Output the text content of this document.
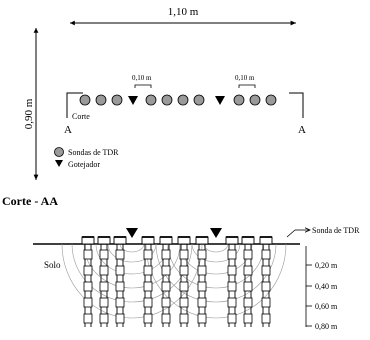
1,10 m
0,90 m
A	A
Corte
0,10 m	0,10 m
Sondas de TDR
Gotejador
Corte - AA
Solo
Sonda de TDR
0,20 m
0,40 m
0,60 m
0,80 m
